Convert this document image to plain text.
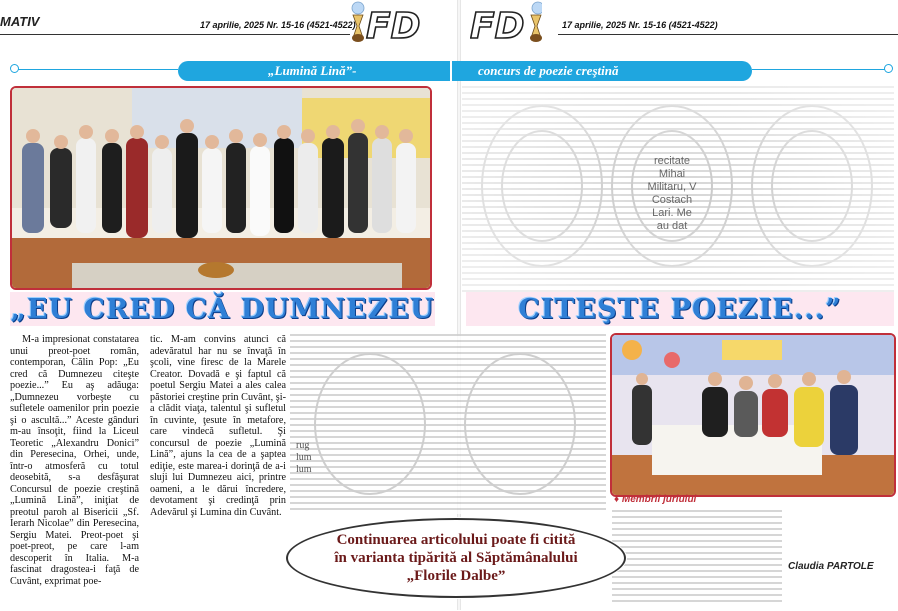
MATIV	17 aprilie, 2025 Nr. 15-16 (4521-4522)	17 aprilie, 2025 Nr. 15-16 (4521-4522)
FD FD
„Lumină Lină”-	concurs de poezie creştină
recitate
Mihai
Militaru, V
Costach
Lari. Me
au dat
„EU CRED CĂ DUMNEZEU	CITEŞTE POEZIE...”

M-a impresionat constatarea unui preot-poet român, contemporan, Călin Pop: „Eu cred că Dumnezeu citeşte poezie...” Eu aş adăuga: „Dumnezeu vorbeşte cu sufletele oamenilor prin poezie şi o ascultă...” Aceste gânduri m-au însoţit, fiind la Liceul Teoretic „Alexandru Donici” din Peresecina, Orhei, unde, într-o atmosferă cu totul deosebită, s-a desfăşurat Concursul de poezie creştină „Lumină Lină”, iniţiat de preotul paroh al Bisericii „Sf. Ierarh Nicolae” din Peresecina, Sergiu Matei. Preot-poet şi poet-preot, pe care l-am descoperit în Italia. M-a fascinat dragostea-i faţă de Cuvânt, exprimat poe-

tic. M-am convins atunci că adevăratul har nu se învaţă în şcoli, vine firesc de la Marele Creator. Dovadă e şi faptul că poetul Sergiu Matei a ales calea păstoriei creştine prin Cuvânt, şi-a clădit viaţa, talentul şi sufletul în cuvinte, ţesute în metafore, care vindecă sufletul. Şi concursul de poezie „Lumină Lină”, ajuns la cea de a şaptea ediţie, este marea-i dorinţă de a-i sluji lui Dumnezeu aici, printre oameni, a le dărui încredere, devotament şi credinţă prin Adevărul şi Lumina din Cuvânt.

rug
lum
lum
♦ Membrii juriului
Continuarea articolului poate fi citită
în varianta tipărită al Săptămânalului
„Florile Dalbe”
Claudia PARTOLE
